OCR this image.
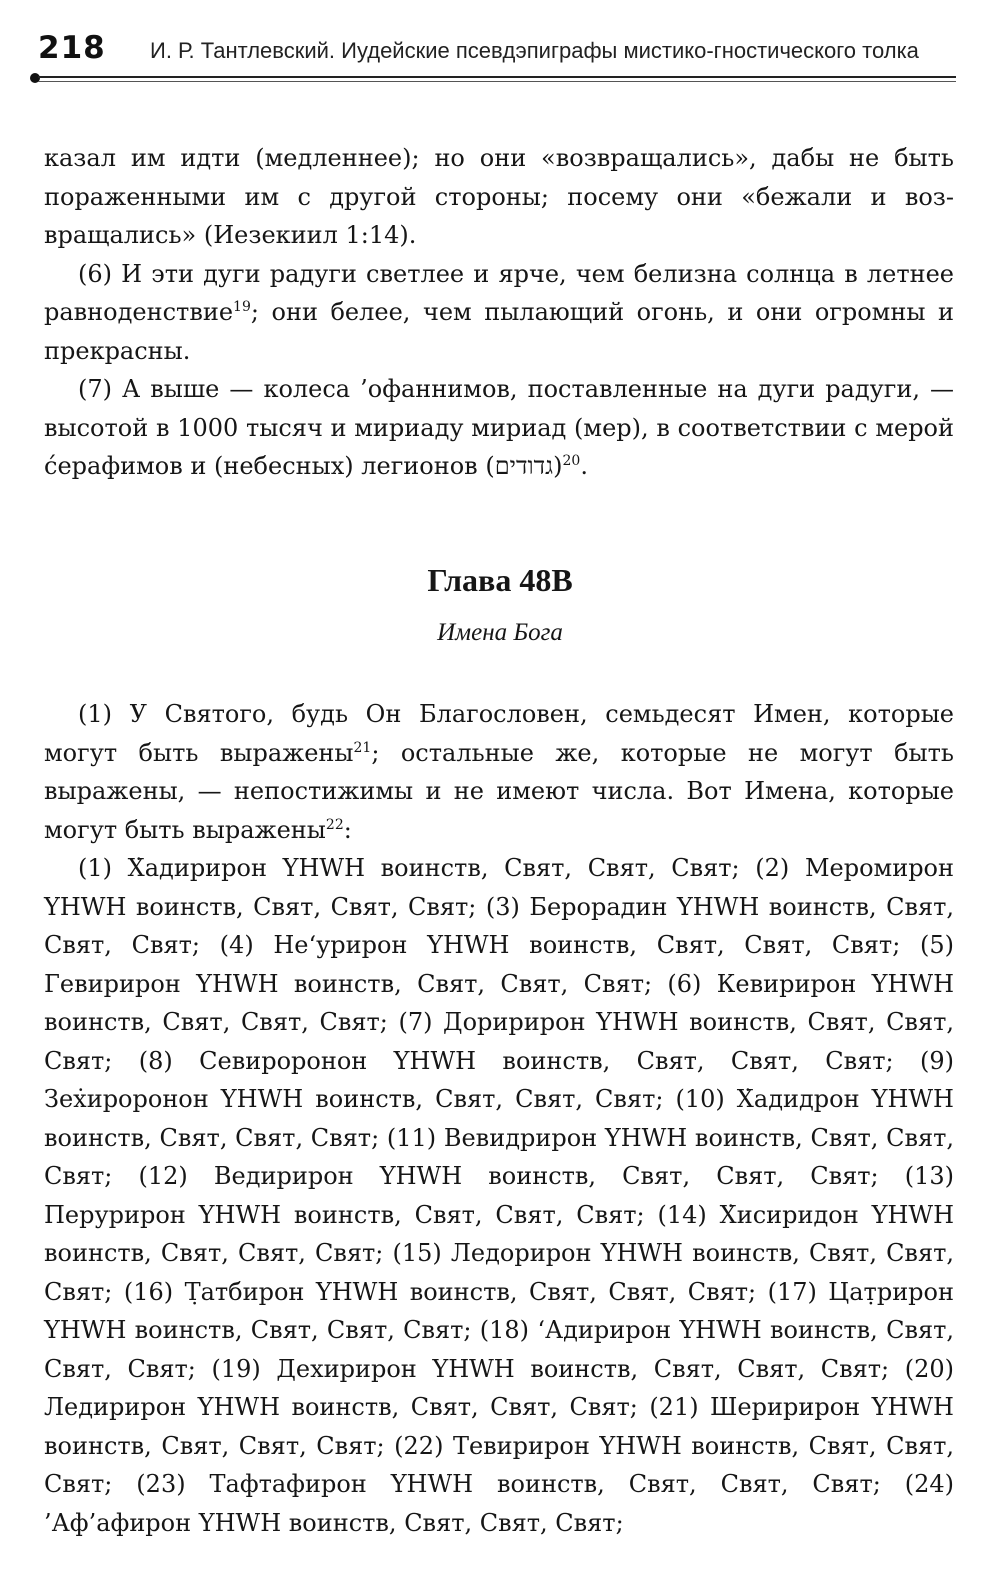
218 И. Р. Тантлевский. Иудейские псевдэпиграфы мистико-гностического толка

казал им идти (медленнее); но они «возвращались», дабы не быть пораженными им с другой стороны; посему они «бежали и возвращались» (Иезекиил 1:14).

(6) И эти дуги радуги светлее и ярче, чем белизна солнца в летнее равноденствие$^{19}$; они белее, чем пылающий огонь, и они огромны и прекрасны.

(7) А выше — колеса ’офаннимов, поставленные на дуги радуги, — высотой в 1000 тысяч и мириаду мириад (мер), в соответствии с мерой ćерафимов и (небесных) легионов (גדודים)$^{20}$.

Глава 48В
Имена Бога

(1) У Святого, будь Он Благословен, семьдесят Имен, которые могут быть выражены$^{21}$; остальные же, которые не могут быть выражены, — непостижимы и не имеют числа. Вот Имена, которые могут быть выражены$^{22}$:

(1) Х̇адирирон YHWH воинств, Свят, Свят, Свят; (2) Меромирон YHWH воинств, Свят, Свят, Свят; (3) Берорадин YHWH воинств, Свят, Свят, Свят; (4) Не‘урирон YHWH воинств, Свят, Свят, Свят; (5) Гевирирон YHWH воинств, Свят, Свят, Свят; (6) Кевирирон YHWH воинств, Свят, Свят, Свят; (7) Доририрон YHWH воинств, Свят, Свят, Свят; (8) Севироронон YHWH воинств, Свят, Свят, Свят; (9) Зех̇ироронон YHWH воинств, Свят, Свят, Свят; (10) Х̇адидрон YHWH воинств, Свят, Свят, Свят; (11) Вевидрирон YHWH воинств, Свят, Свят, Свят; (12) Ведирирон YHWH воинств, Свят, Свят, Свят; (13) Перурирон YHWH воинств, Свят, Свят, Свят; (14) Х̇исиридон YHWH воинств, Свят, Свят, Свят; (15) Ледорирон YHWH воинств, Свят, Свят, Свят; (16) Т̣атбирон YHWH воинств, Свят, Свят, Свят; (17) Цат̣рирон YHWH воинств, Свят, Свят, Свят; (18) ‘Адирирон YHWH воинств, Свят, Свят, Свят; (19) Дехирирон YHWH воинств, Свят, Свят, Свят; (20) Ледирирон YHWH воинств, Свят, Свят, Свят; (21) Шеририрон YHWH воинств, Свят, Свят, Свят; (22) Тевирирон YHWH воинств, Свят, Свят, Свят; (23) Тафтафирон YHWH воинств, Свят, Свят, Свят; (24) ’Аф’афирон YHWH воинств, Свят, Свят, Свят;
